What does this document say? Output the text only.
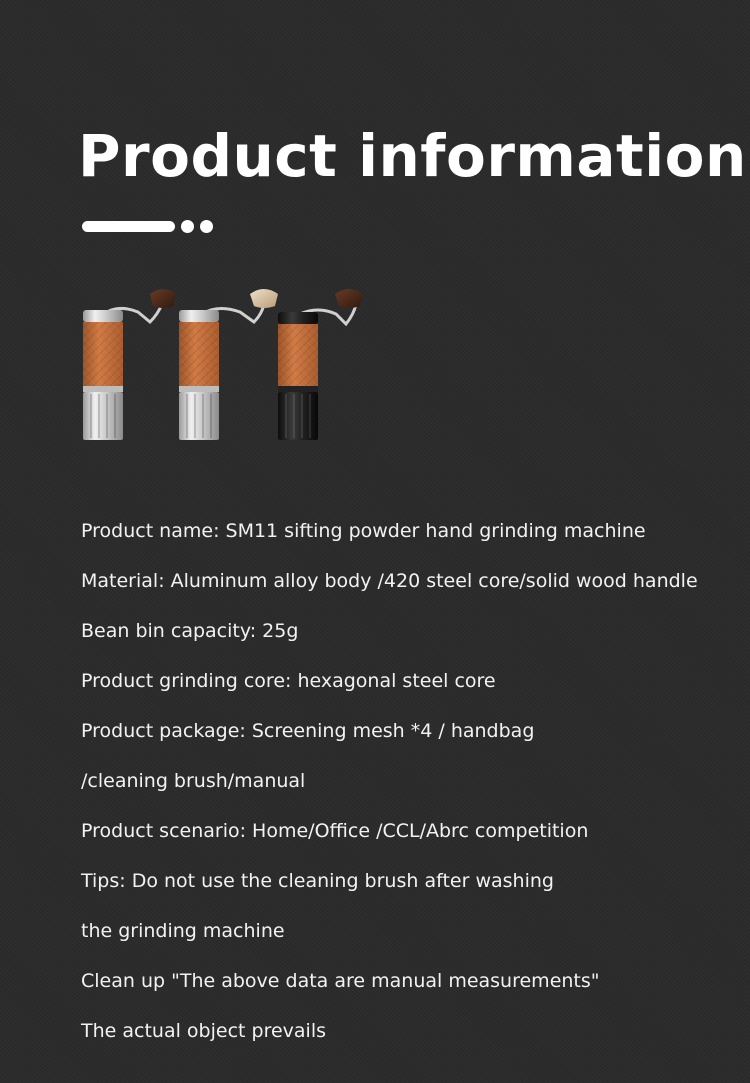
Product information
Product name: SM11 sifting powder hand grinding machine
Material: Aluminum alloy body /420 steel core/solid wood handle
Bean bin capacity: 25g
Product grinding core: hexagonal steel core
Product package: Screening mesh *4 / handbag
/cleaning brush/manual
Product scenario: Home/Office /CCL/Abrc competition
Tips: Do not use the cleaning brush after washing
the grinding machine
Clean up "The above data are manual measurements"
The actual object prevails
